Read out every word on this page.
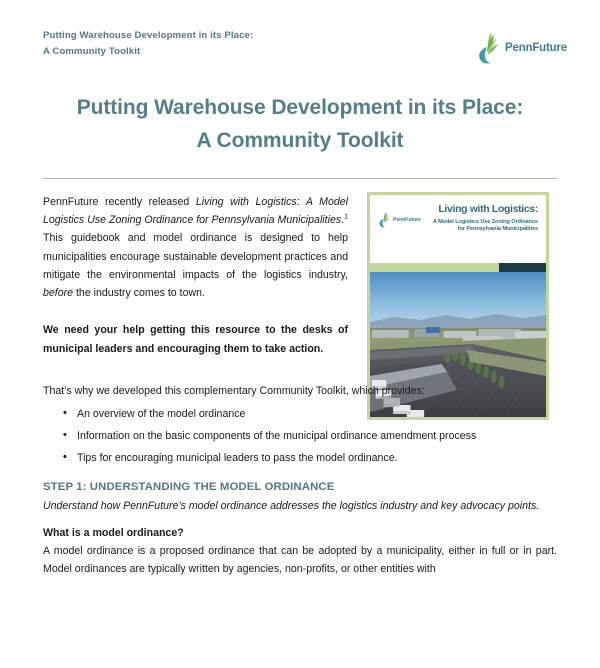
Putting Warehouse Development in its Place:
A Community Toolkit	PennFuture
Putting Warehouse Development in its Place:
A Community Toolkit
PennFuture
Living with Logistics:
A Model Logistics Use Zoning Ordinance
for Pennsylvania Municipalities

PennFuture recently released Living with Logistics: A Model Logistics Use Zoning Ordinance for Pennsylvania Municipalities.$^1$ This guidebook and model ordinance is designed to help municipalities encourage sustainable development practices and mitigate the environmental impacts of the logistics industry, before the industry comes to town.

We need your help getting this resource to the desks of municipal leaders and encouraging them to take action.

That’s why we developed this complementary Community Toolkit, which provides:

• An overview of the model ordinance
• Information on the basic components of the municipal ordinance amendment process
• Tips for encouraging municipal leaders to pass the model ordinance.
STEP 1: UNDERSTANDING THE MODEL ORDINANCE

Understand how PennFuture’s model ordinance addresses the logistics industry and key advocacy points.

What is a model ordinance?

A model ordinance is a proposed ordinance that can be adopted by a municipality, either in full or in part. Model ordinances are typically written by agencies, non-profits, or other entities with
